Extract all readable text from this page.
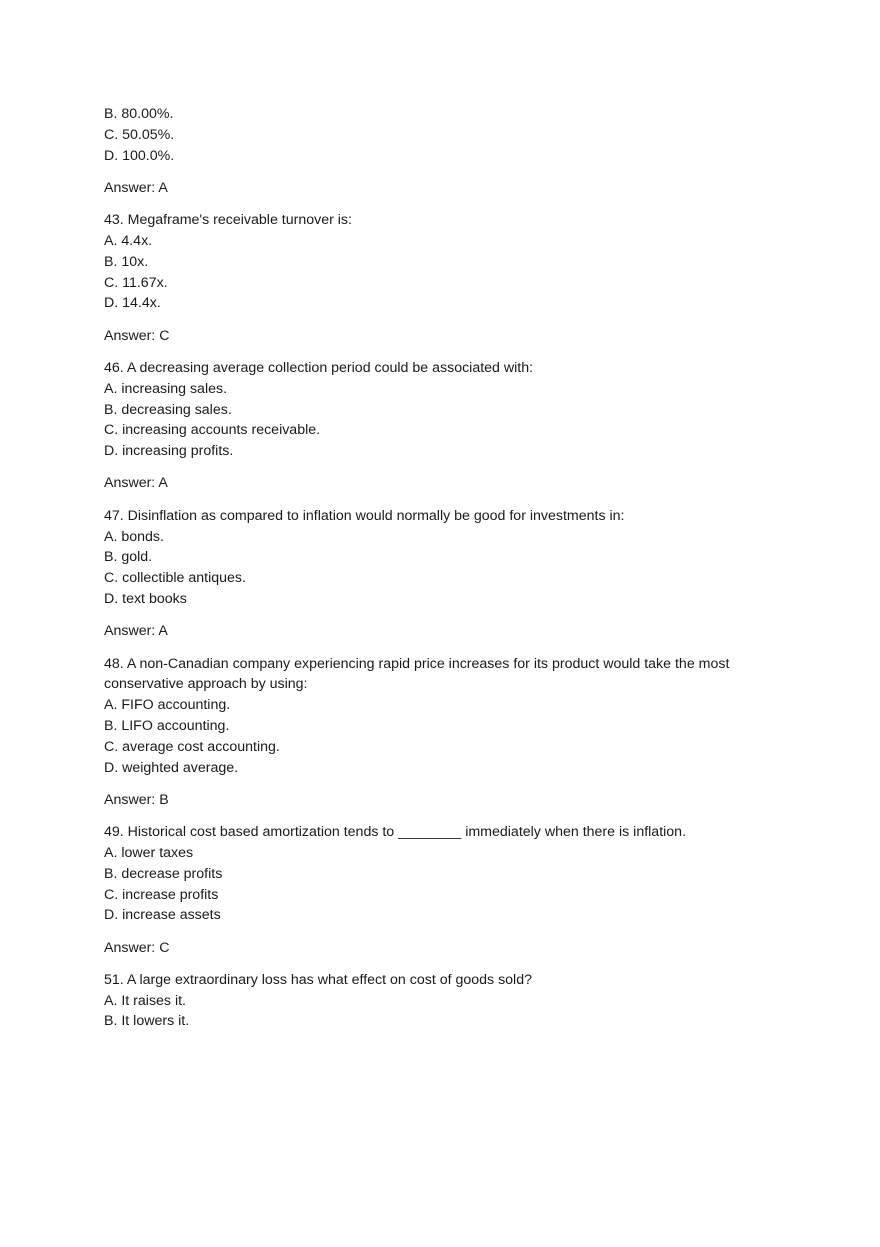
B. 80.00%.
C. 50.05%.
D. 100.0%.
Answer: A
43. Megaframe's receivable turnover is:
A. 4.4x.
B. 10x.
C. 11.67x.
D. 14.4x.
Answer: C
46. A decreasing average collection period could be associated with:
A. increasing sales.
B. decreasing sales.
C. increasing accounts receivable.
D. increasing profits.
Answer: A
47. Disinflation as compared to inflation would normally be good for investments in:
A. bonds.
B. gold.
C. collectible antiques.
D. text books
Answer: A
48. A non-Canadian company experiencing rapid price increases for its product would take the most
conservative approach by using:
A. FIFO accounting.
B. LIFO accounting.
C. average cost accounting.
D. weighted average.
Answer: B
49. Historical cost based amortization tends to ________ immediately when there is inflation.
A. lower taxes
B. decrease profits
C. increase profits
D. increase assets
Answer: C
51. A large extraordinary loss has what effect on cost of goods sold?
A. It raises it.
B. It lowers it.
